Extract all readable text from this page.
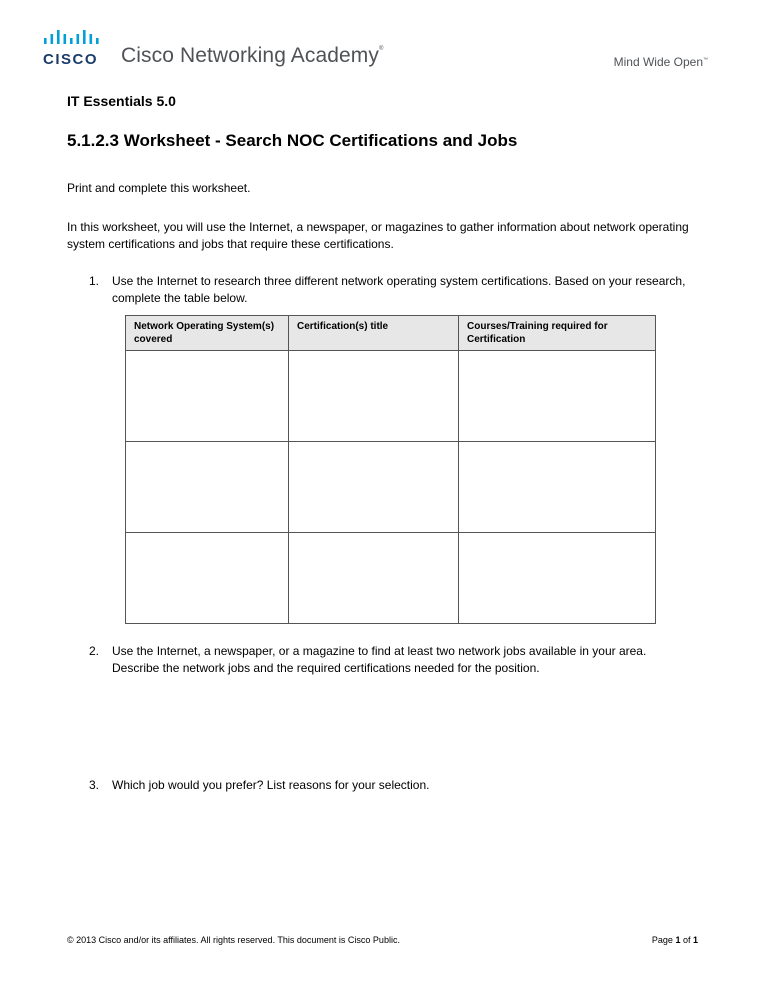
CISCO Cisco Networking Academy®
Mind Wide Open™
IT Essentials 5.0
5.1.2.3 Worksheet - Search NOC Certifications and Jobs
Print and complete this worksheet.
In this worksheet, you will use the Internet, a newspaper, or magazines to gather information about network operating system certifications and jobs that require these certifications.
1. Use the Internet to research three different network operating system certifications. Based on your research, complete the table below.
Network Operating System(s) covered	Certification(s) title	Courses/Training required for Certification

2. Use the Internet, a newspaper, or a magazine to find at least two network jobs available in your area. Describe the network jobs and the required certifications needed for the position.
3. Which job would you prefer? List reasons for your selection.
© 2013 Cisco and/or its affiliates. All rights reserved. This document is Cisco Public.	Page 1 of 1
